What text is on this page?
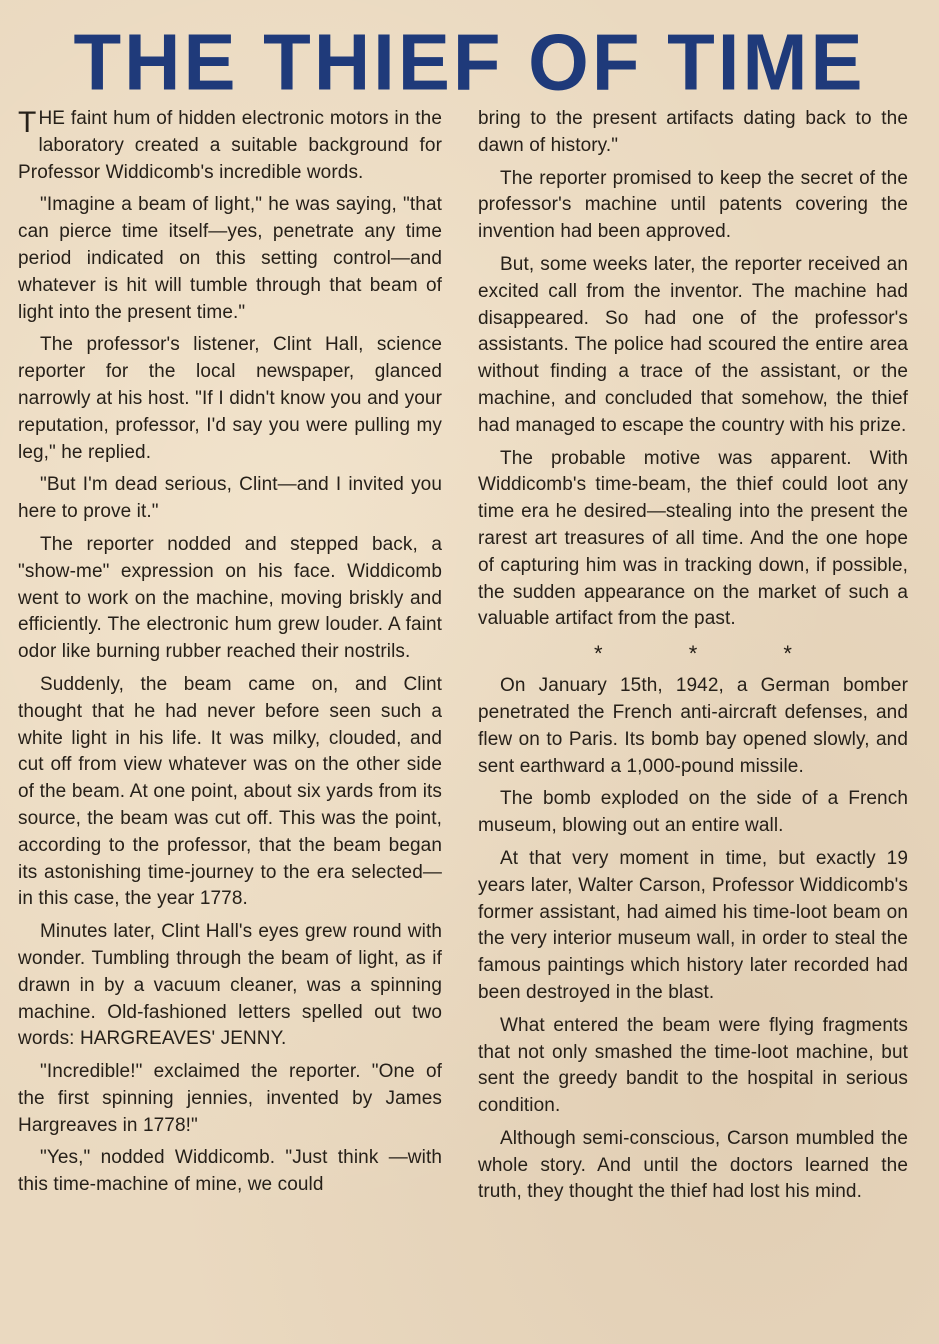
THE THIEF OF TIME

THE faint hum of hidden electronic motors in the laboratory created a suitable background for Professor Widdicomb's incredible words.

"Imagine a beam of light," he was saying, "that can pierce time itself—yes, penetrate any time period indicated on this setting control—and whatever is hit will tumble through that beam of light into the present time."

The professor's listener, Clint Hall, science reporter for the local newspaper, glanced narrowly at his host. "If I didn't know you and your reputation, professor, I'd say you were pulling my leg," he replied.

"But I'm dead serious, Clint—and I invited you here to prove it."

The reporter nodded and stepped back, a "show-me" expression on his face. Widdicomb went to work on the machine, moving briskly and efficiently. The electronic hum grew louder. A faint odor like burning rubber reached their nostrils.

Suddenly, the beam came on, and Clint thought that he had never before seen such a white light in his life. It was milky, clouded, and cut off from view whatever was on the other side of the beam. At one point, about six yards from its source, the beam was cut off. This was the point, according to the professor, that the beam began its astonishing time-journey to the era selected—in this case, the year 1778.

Minutes later, Clint Hall's eyes grew round with wonder. Tumbling through the beam of light, as if drawn in by a vacuum cleaner, was a spinning machine. Old-fashioned letters spelled out two words: HARGREAVES' JENNY.

"Incredible!" exclaimed the reporter. "One of the first spinning jennies, invented by James Hargreaves in 1778!"

"Yes," nodded Widdicomb. "Just think —with this time-machine of mine, we could

bring to the present artifacts dating back to the dawn of history."

The reporter promised to keep the secret of the professor's machine until patents covering the invention had been approved.

But, some weeks later, the reporter received an excited call from the inventor. The machine had disappeared. So had one of the professor's assistants. The police had scoured the entire area without finding a trace of the assistant, or the machine, and concluded that somehow, the thief had managed to escape the country with his prize.

The probable motive was apparent. With Widdicomb's time-beam, the thief could loot any time era he desired—stealing into the present the rarest art treasures of all time. And the one hope of capturing him was in tracking down, if possible, the sudden appearance on the market of such a valuable artifact from the past.

* * *

On January 15th, 1942, a German bomber penetrated the French anti-aircraft defenses, and flew on to Paris. Its bomb bay opened slowly, and sent earthward a 1,000-pound missile.

The bomb exploded on the side of a French museum, blowing out an entire wall.

At that very moment in time, but exactly 19 years later, Walter Carson, Professor Widdicomb's former assistant, had aimed his time-loot beam on the very interior museum wall, in order to steal the famous paintings which history later recorded had been destroyed in the blast.

What entered the beam were flying fragments that not only smashed the time-loot machine, but sent the greedy bandit to the hospital in serious condition.

Although semi-conscious, Carson mumbled the whole story. And until the doctors learned the truth, they thought the thief had lost his mind.
